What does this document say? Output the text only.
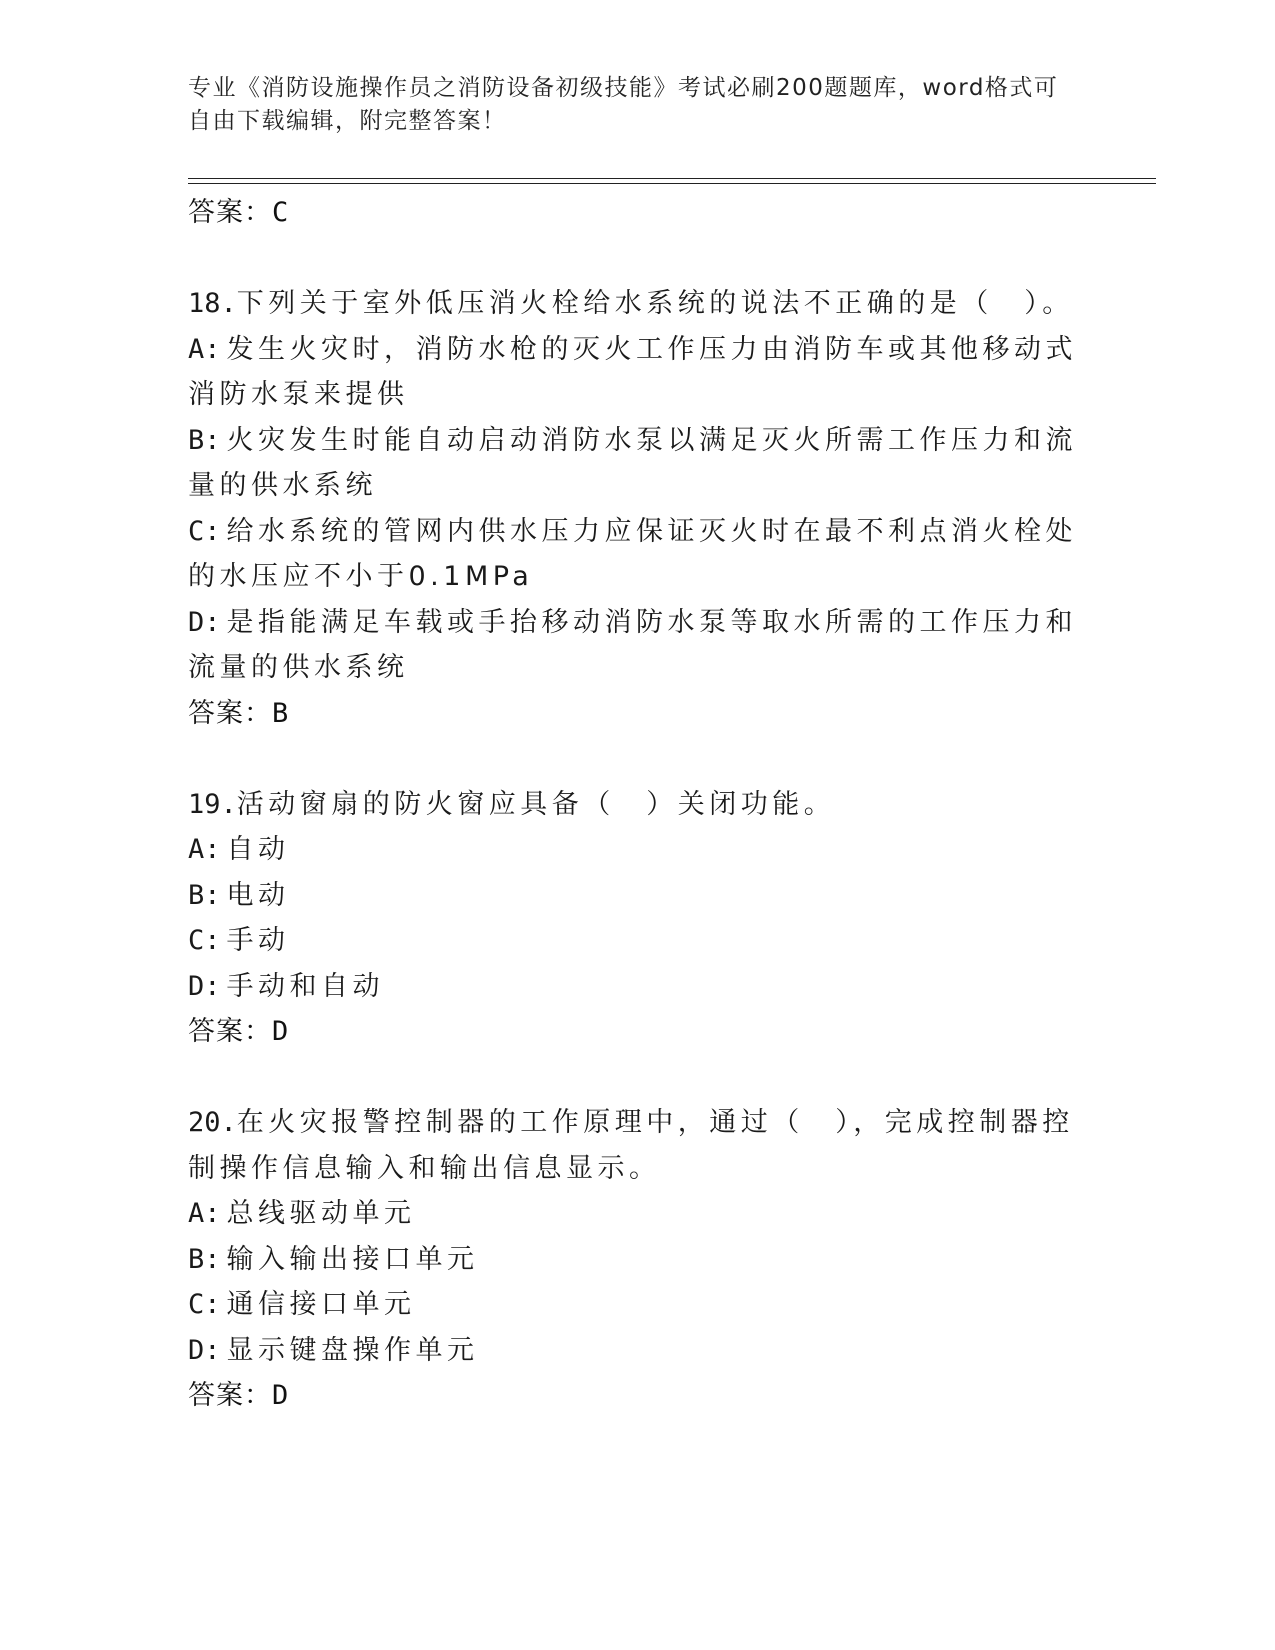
专业《消防设施操作员之消防设备初级技能》考试必刷200题题库，word格式可
自由下载编辑，附完整答案！
答案：C
18.下列关于室外低压消火栓给水系统的说法不正确的是（　）。
A: 发生火灾时，消防水枪的灭火工作压力由消防车或其他移动式消防水泵来提供
B: 火灾发生时能自动启动消防水泵以满足灭火所需工作压力和流量的供水系统
C: 给水系统的管网内供水压力应保证灭火时在最不利点消火栓处的水压应不小于0.1MPa
D: 是指能满足车载或手抬移动消防水泵等取水所需的工作压力和流量的供水系统
答案：B
19.活动窗扇的防火窗应具备（　）关闭功能。
A: 自动
B: 电动
C: 手动
D: 手动和自动
答案：D
20.在火灾报警控制器的工作原理中，通过（　），完成控制器控制操作信息输入和输出信息显示。
A: 总线驱动单元
B: 输入输出接口单元
C: 通信接口单元
D: 显示键盘操作单元
答案：D
